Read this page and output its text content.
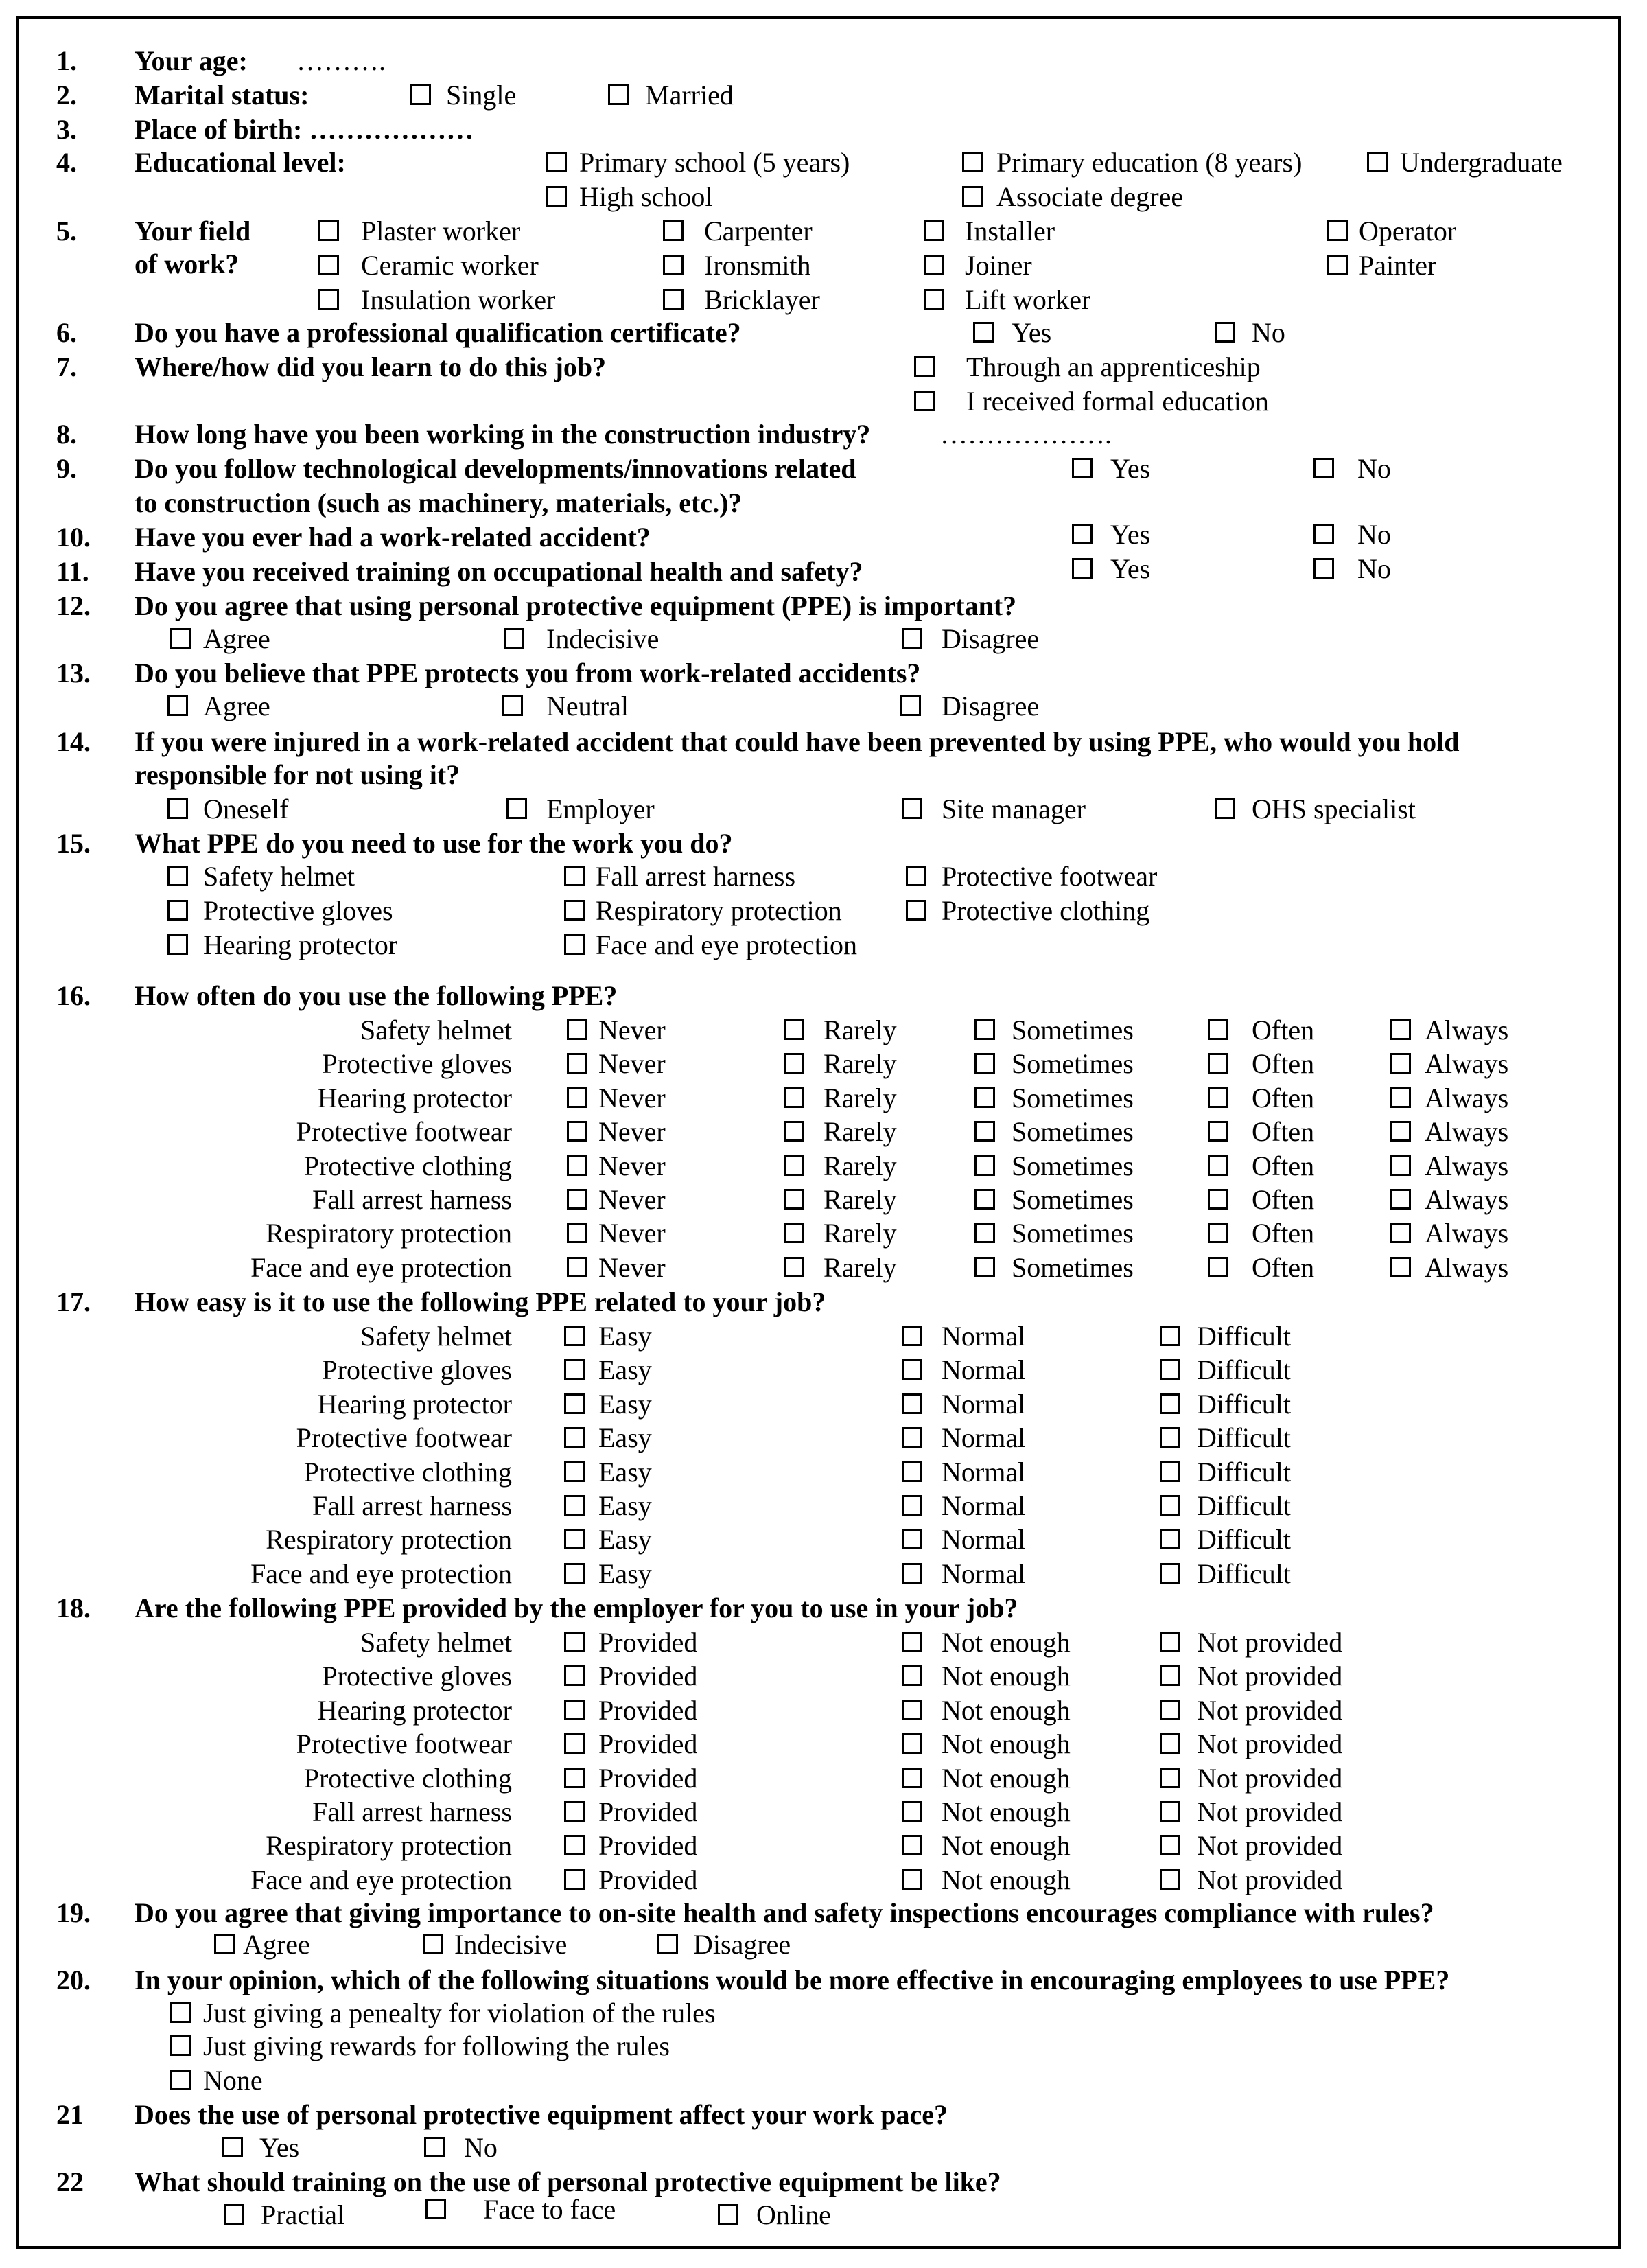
1. Your age: ……….
2. Marital status:	Single	Married
3. Place of birth: ………………
4. Educational level:	Primary school (5 years)	Primary education (8 years)	Undergraduate
High school	Associate degree
5. Your field
of work?
Plaster worker	Carpenter	Installer	Operator
Ceramic worker	Ironsmith	Joiner	Painter
Insulation worker	Bricklayer	Lift worker
6. Do you have a professional qualification certificate?	Yes	No
7. Where/how did you learn to do this job?	Through an apprenticeship
I received formal education
8. How long have you been working in the construction industry?	……………….
9. Do you follow technological developments/innovations related
to construction (such as machinery, materials, etc.)?
Yes	No
10. Have you ever had a work-related accident?	Yes	No
11. Have you received training on occupational health and safety?	Yes	No
12. Do you agree that using personal protective equipment (PPE) is important?
Agree	Indecisive	Disagree
13. Do you believe that PPE protects you from work-related accidents?
Agree	Neutral	Disagree
14. If you were injured in a work-related accident that could have been prevented by using PPE, who would you hold
responsible for not using it?
Oneself	Employer	Site manager	OHS specialist
15. What PPE do you need to use for the work you do?
Safety helmet	Fall arrest harness	Protective footwear
Protective gloves	Respiratory protection	Protective clothing
Hearing protector	Face and eye protection
16. How often do you use the following PPE?
Safety helmet	Never	Rarely	Sometimes	Often	Always
Protective gloves	Never	Rarely	Sometimes	Often	Always
Hearing protector	Never	Rarely	Sometimes	Often	Always
Protective footwear	Never	Rarely	Sometimes	Often	Always
Protective clothing	Never	Rarely	Sometimes	Often	Always
Fall arrest harness	Never	Rarely	Sometimes	Often	Always
Respiratory protection	Never	Rarely	Sometimes	Often	Always
Face and eye protection	Never	Rarely	Sometimes	Often	Always
17. How easy is it to use the following PPE related to your job?
Safety helmet	Easy	Normal	Difficult
Protective gloves	Easy	Normal	Difficult
Hearing protector	Easy	Normal	Difficult
Protective footwear	Easy	Normal	Difficult
Protective clothing	Easy	Normal	Difficult
Fall arrest harness	Easy	Normal	Difficult
Respiratory protection	Easy	Normal	Difficult
Face and eye protection	Easy	Normal	Difficult
18. Are the following PPE provided by the employer for you to use in your job?
Safety helmet	Provided	Not enough	Not provided
Protective gloves	Provided	Not enough	Not provided
Hearing protector	Provided	Not enough	Not provided
Protective footwear	Provided	Not enough	Not provided
Protective clothing	Provided	Not enough	Not provided
Fall arrest harness	Provided	Not enough	Not provided
Respiratory protection	Provided	Not enough	Not provided
Face and eye protection	Provided	Not enough	Not provided
19. Do you agree that giving importance to on-site health and safety inspections encourages compliance with rules?
Agree	Indecisive	Disagree
20. In your opinion, which of the following situations would be more effective in encouraging employees to use PPE?
Just giving a penealty for violation of the rules
Just giving rewards for following the rules
None
21 Does the use of personal protective equipment affect your work pace?
Yes	No
22 What should training on the use of personal protective equipment be like?
Practial	Face to face	Online
